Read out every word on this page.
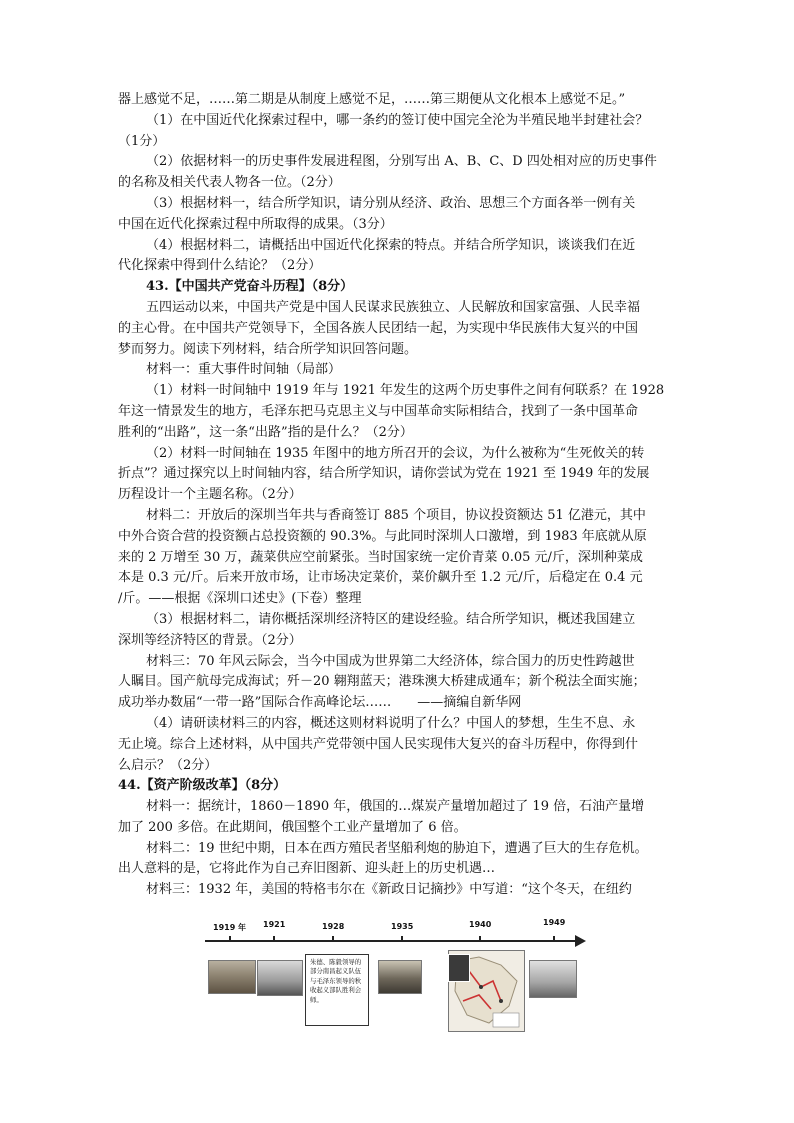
器上感觉不足，……第二期是从制度上感觉不足，……第三期便从文化根本上感觉不足。”
（1）在中国近代化探索过程中，哪一条约的签订使中国完全沦为半殖民地半封建社会？
（1分）
（2）依据材料一的历史事件发展进程图，分别写出 A、B、C、D 四处相对应的历史事件
的名称及相关代表人物各一位。（2分）
（3）根据材料一，结合所学知识，请分别从经济、政治、思想三个方面各举一例有关
中国在近代化探索过程中所取得的成果。（3分）
（4）根据材料二，请概括出中国近代化探索的特点。并结合所学知识，谈谈我们在近
代化探索中得到什么结论？（2分）
43.【中国共产党奋斗历程】（8分）
五四运动以来，中国共产党是中国人民谋求民族独立、人民解放和国家富强、人民幸福
的主心骨。在中国共产党领导下，全国各族人民团结一起，为实现中华民族伟大复兴的中国
梦而努力。阅读下列材料，结合所学知识回答问题。
材料一：重大事件时间轴（局部）
（1）材料一时间轴中 1919 年与 1921 年发生的这两个历史事件之间有何联系？在 1928
年这一情景发生的地方，毛泽东把马克思主义与中国革命实际相结合，找到了一条中国革命
胜利的“出路”，这一条“出路”指的是什么？（2分）
（2）材料一时间轴在 1935 年图中的地方所召开的会议，为什么被称为“生死攸关的转
折点”？通过探究以上时间轴内容，结合所学知识，请你尝试为党在 1921 至 1949 年的发展
历程设计一个主题名称。（2分）
材料二：开放后的深圳当年共与香商签订 885 个项目，协议投资额达 51 亿港元，其中
中外合资合营的投资额占总投资额的 90.3%。与此同时深圳人口激增，到 1983 年底就从原
来的 2 万增至 30 万，蔬菜供应空前紧张。当时国家统一定价青菜 0.05 元/斤，深圳种菜成
本是 0.3 元/斤。后来开放市场，让市场决定菜价，菜价飙升至 1.2 元/斤，后稳定在 0.4 元
/斤。——根据《深圳口述史》(下卷）整理
（3）根据材料二，请你概括深圳经济特区的建设经验。结合所学知识，概述我国建立
深圳等经济特区的背景。（2分）
材料三：70 年风云际会，当今中国成为世界第二大经济体，综合国力的历史性跨越世
人瞩目。国产航母完成海试；歼－20 翱翔蓝天；港珠澳大桥建成通车；新个税法全面实施；
成功举办数届“一带一路”国际合作高峰论坛……　　——摘编自新华网
（4）请研读材料三的内容，概述这则材料说明了什么？中国人的梦想，生生不息、永
无止境。综合上述材料，从中国共产党带领中国人民实现伟大复兴的奋斗历程中，你得到什
么启示？（2分）
44.【资产阶级改革】（8分）
材料一：据统计，1860－1890 年，俄国的…煤炭产量增加超过了 19 倍，石油产量增
加了 200 多倍。在此期间，俄国整个工业产量增加了 6 倍。
材料二：19 世纪中期，日本在西方殖民者坚船利炮的胁迫下，遭遇了巨大的生存危机。
出人意料的是，它将此作为自己弃旧图新、迎头赶上的历史机遇…
材料三：1932 年，美国的特格韦尔在《新政日记摘抄》中写道：“这个冬天，在纽约
1919 年 1921	1928	1935	1940	1949
朱德、陈毅领导的部分南昌起义队伍与毛泽东领导的秋收起义部队胜利会师。
